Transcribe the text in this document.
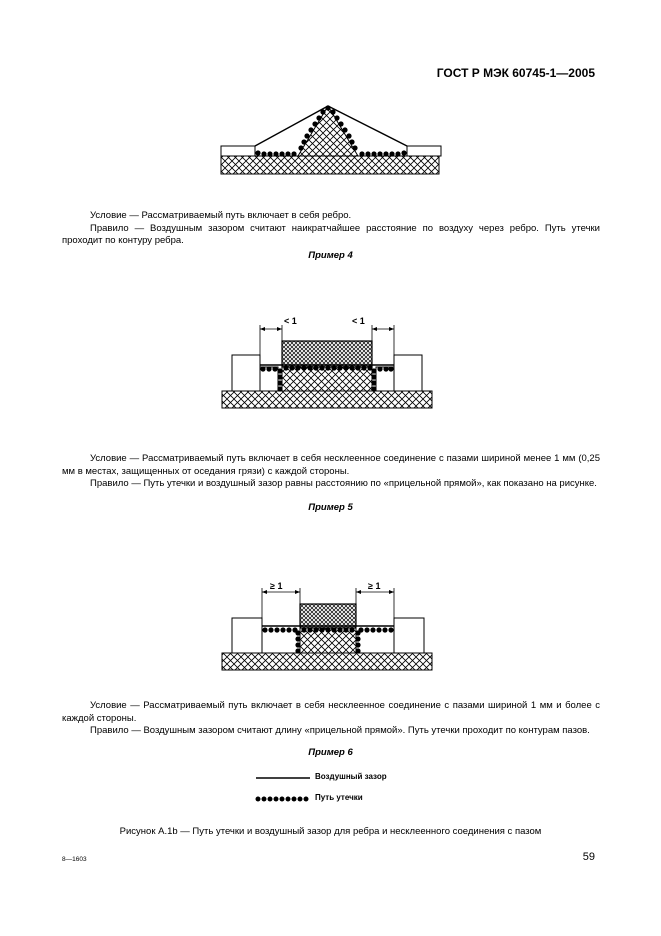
ГОСТ Р МЭК 60745-1—2005

Условие — Рассматриваемый путь включает в себя ребро.

Правило — Воздушным зазором считают наикратчайшее расстояние по воздуху через ребро. Путь утечки проходит по контуру ребра.

Пример 4
< 1	< 1

Условие — Рассматриваемый путь включает в себя несклеенное соединение с пазами шириной менее 1 мм (0,25 мм в местах, защищенных от оседания грязи) с каждой стороны.

Правило — Путь утечки и воздушный зазор равны расстоянию по «прицельной прямой», как показано на рисунке.

Пример 5
≥ 1	≥ 1

Условие — Рассматриваемый путь включает в себя несклеенное соединение с пазами шириной 1 мм и более с каждой стороны.

Правило — Воздушным зазором считают длину «прицельной прямой». Путь утечки проходит по контурам пазов.

Пример 6
Воздушный зазор
Путь утечки
Рисунок А.1b — Путь утечки и воздушный зазор для ребра и несклеенного соединения с пазом
8—1603	59
